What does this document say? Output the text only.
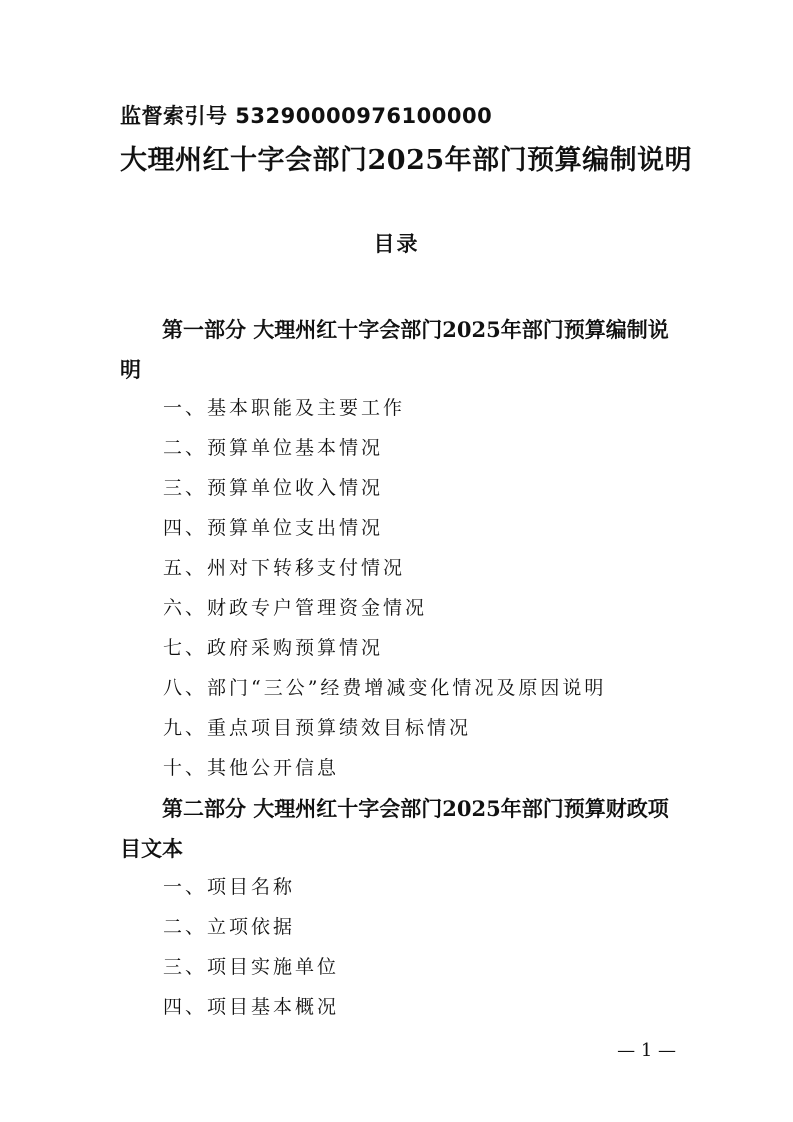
监督索引号 53290000976100000
大理州红十字会部门2025年部门预算编制说明
目录
第一部分 大理州红十字会部门2025年部门预算编制说明
一、基本职能及主要工作
二、预算单位基本情况
三、预算单位收入情况
四、预算单位支出情况
五、州对下转移支付情况
六、财政专户管理资金情况
七、政府采购预算情况
八、部门“三公”经费增减变化情况及原因说明
九、重点项目预算绩效目标情况
十、其他公开信息
第二部分 大理州红十字会部门2025年部门预算财政项目文本
一、项目名称
二、立项依据
三、项目实施单位
四、项目基本概况
— 1 —
